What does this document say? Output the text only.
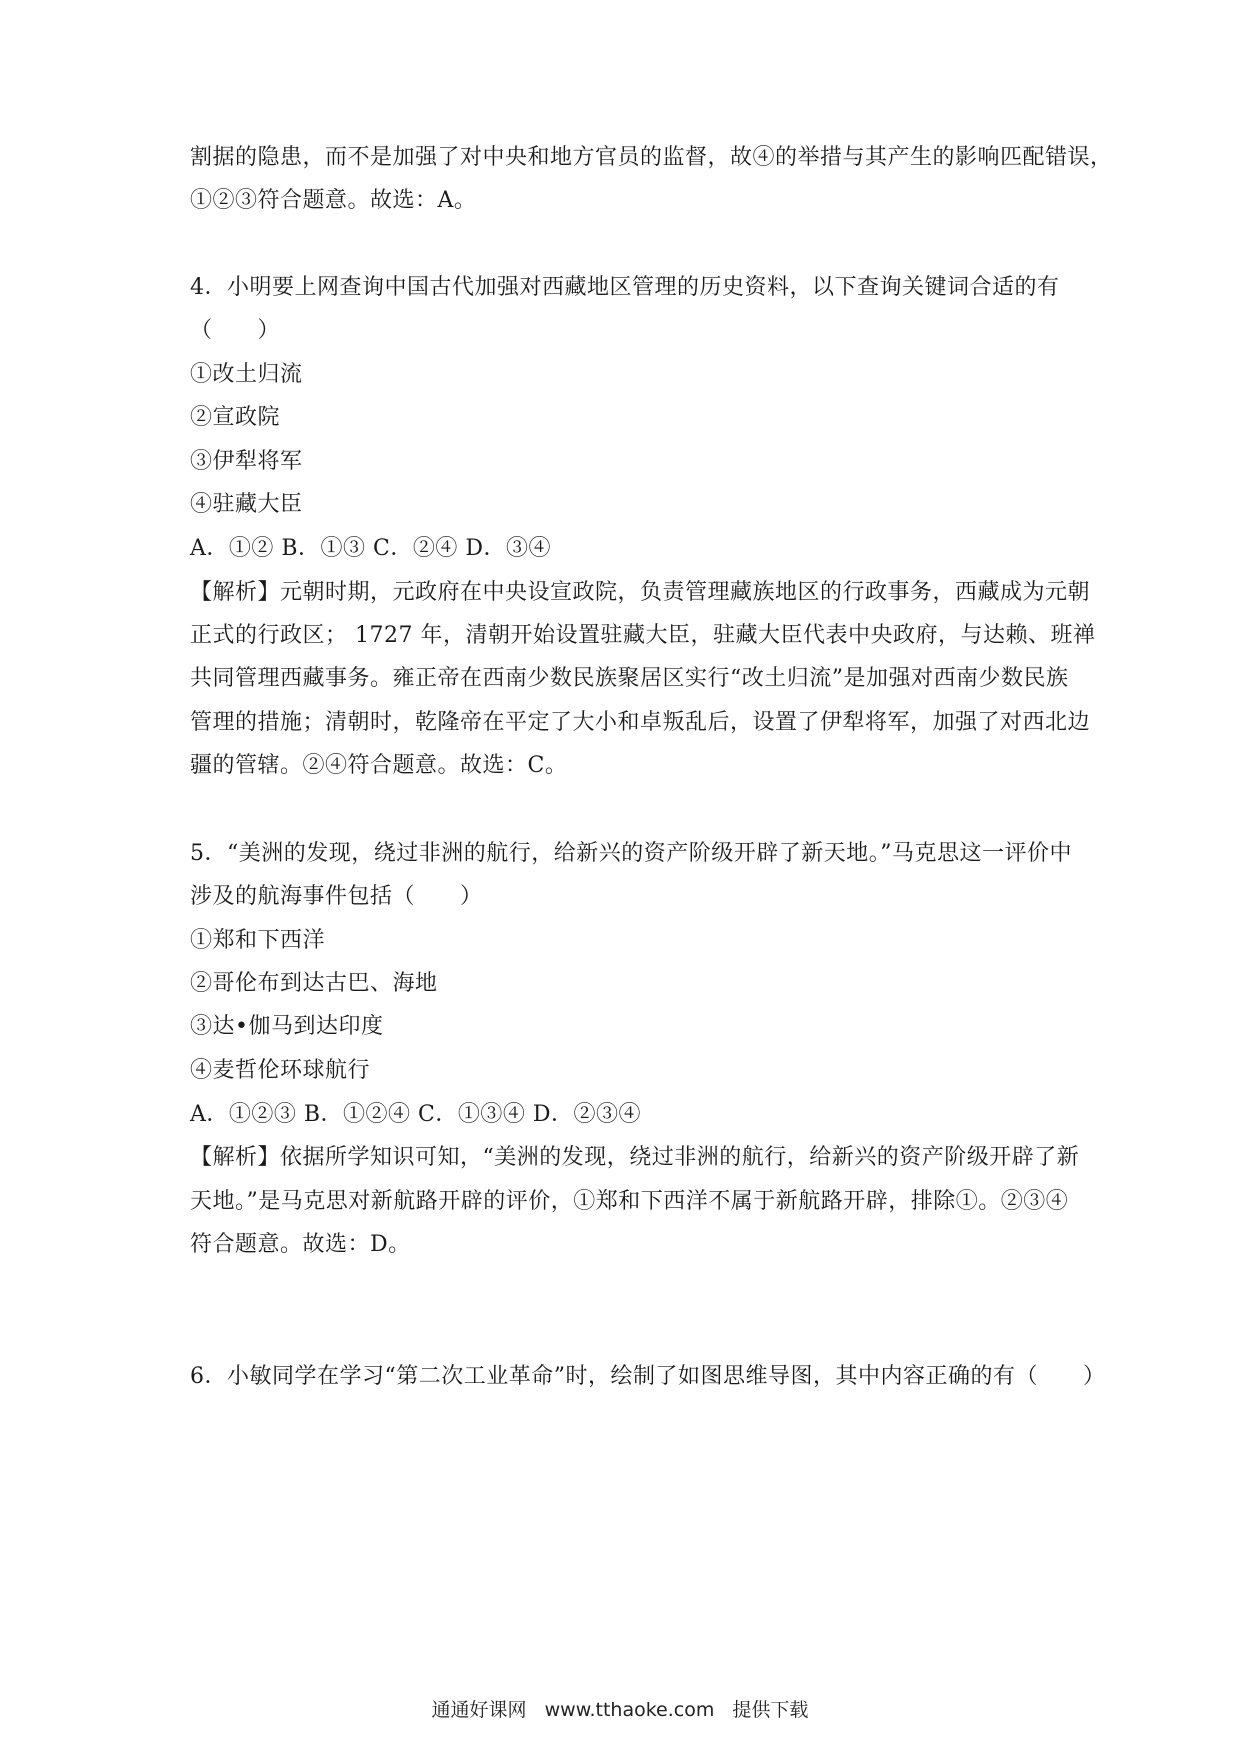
割据的隐患，而不是加强了对中央和地方官员的监督，故④的举措与其产生的影响匹配错误，
①②③符合题意。故选：A。
4．小明要上网查询中国古代加强对西藏地区管理的历史资料，以下查询关键词合适的有
（　　）
①改土归流
②宣政院
③伊犁将军
④驻藏大臣
A．①② B．①③ C．②④ D．③④
【解析】元朝时期，元政府在中央设宣政院，负责管理藏族地区的行政事务，西藏成为元朝
正式的行政区； 1727 年，清朝开始设置驻藏大臣，驻藏大臣代表中央政府，与达赖、班禅
共同管理西藏事务。雍正帝在西南少数民族聚居区实行“改土归流”是加强对西南少数民族
管理的措施；清朝时，乾隆帝在平定了大小和卓叛乱后，设置了伊犁将军，加强了对西北边
疆的管辖。②④符合题意。故选：C。
5．“美洲的发现，绕过非洲的航行，给新兴的资产阶级开辟了新天地。”马克思这一评价中
涉及的航海事件包括（　　）
①郑和下西洋
②哥伦布到达古巴、海地
③达•伽马到达印度
④麦哲伦环球航行
A．①②③ B．①②④ C．①③④ D．②③④
【解析】依据所学知识可知，“美洲的发现，绕过非洲的航行，给新兴的资产阶级开辟了新
天地。”是马克思对新航路开辟的评价，①郑和下西洋不属于新航路开辟，排除①。②③④
符合题意。故选：D。
6．小敏同学在学习“第二次工业革命”时，绘制了如图思维导图，其中内容正确的有（　　）
通通好课网 www.tthaoke.com 提供下载
